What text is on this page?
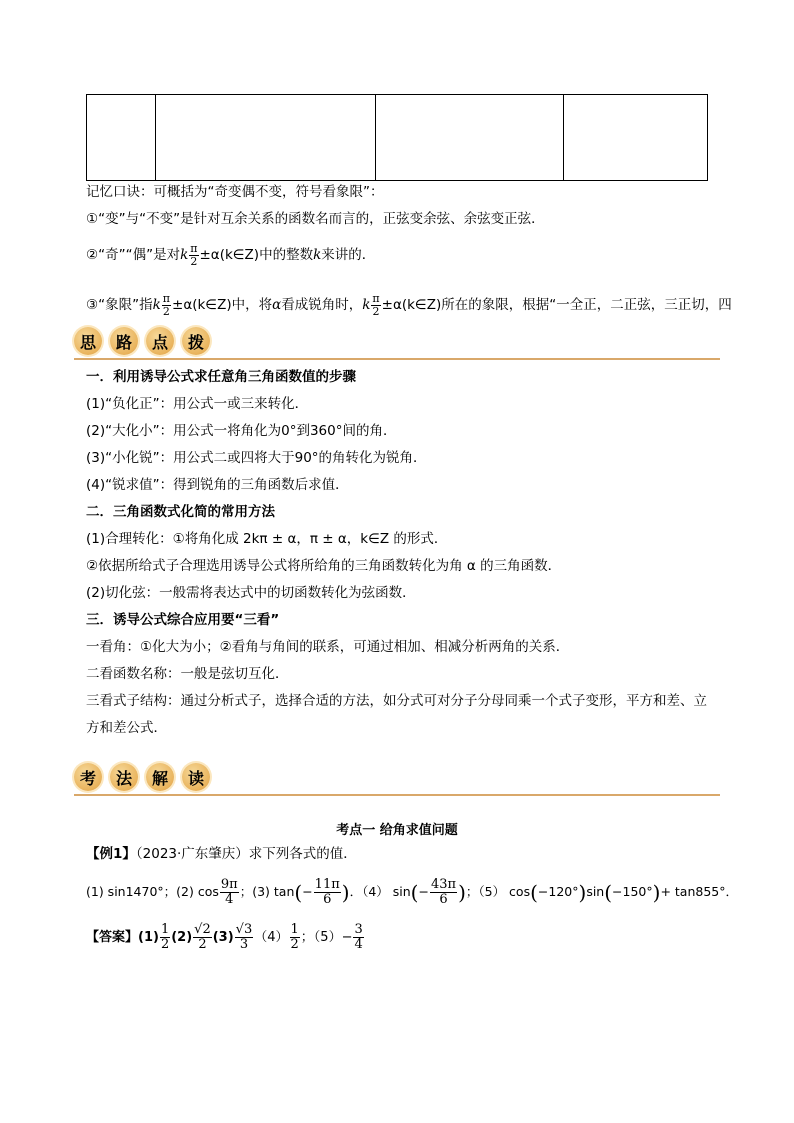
记忆口诀：可概括为“奇变偶不变，符号看象限”：
①“变”与“不变”是针对互余关系的函数名而言的，正弦变余弦、余弦变正弦．
②“奇”“偶”是对k $\frac{\pi}{2}$ ±α(k∈Z)中的整数k来讲的．
③“象限”指k $\frac{\pi}{2}$ ±α(k∈Z)中，将α看成锐角时，k $\frac{\pi}{2}$ ±α(k∈Z)所在的象限，根据“一全正，二正弦，三正切，四
思	路	点	拨
一．利用诱导公式求任意角三角函数值的步骤
(1)“负化正”：用公式一或三来转化．
(2)“大化小”：用公式一将角化为0°到360°间的角．
(3)“小化锐”：用公式二或四将大于90°的角转化为锐角．
(4)“锐求值”：得到锐角的三角函数后求值．
二．三角函数式化简的常用方法
(1)合理转化：①将角化成 2kπ ± α，π ± α，k∈Z 的形式．
②依据所给式子合理选用诱导公式将所给角的三角函数转化为角 α 的三角函数．
(2)切化弦：一般需将表达式中的切函数转化为弦函数．
三．诱导公式综合应用要“三看”
一看角：①化大为小；②看角与角间的联系，可通过相加、相减分析两角的关系．
二看函数名称：一般是弦切互化．
三看式子结构：通过分析式子，选择合适的方法，如分式可对分子分母同乘一个式子变形，平方和差、立
方和差公式．
考	法	解	读
考点一 给角求值问题
【例1】（2023·广东肇庆）求下列各式的值．
(1) sin1470°；(2) $\cos \frac{9\pi}{4}$ ；(3) $\tan(- \frac{11\pi}{6}$ )．（4） $\sin(- \frac{43\pi}{6}$ )；（5） cos(−120°)sin(−150°)+ tan855°．
【答案】$(1) \frac{1}{2} (2) \frac{√2}{2} (3) \frac{√3}{3} (4) \frac{1}{2}$ ；$(5)- \frac{3}{4}$
